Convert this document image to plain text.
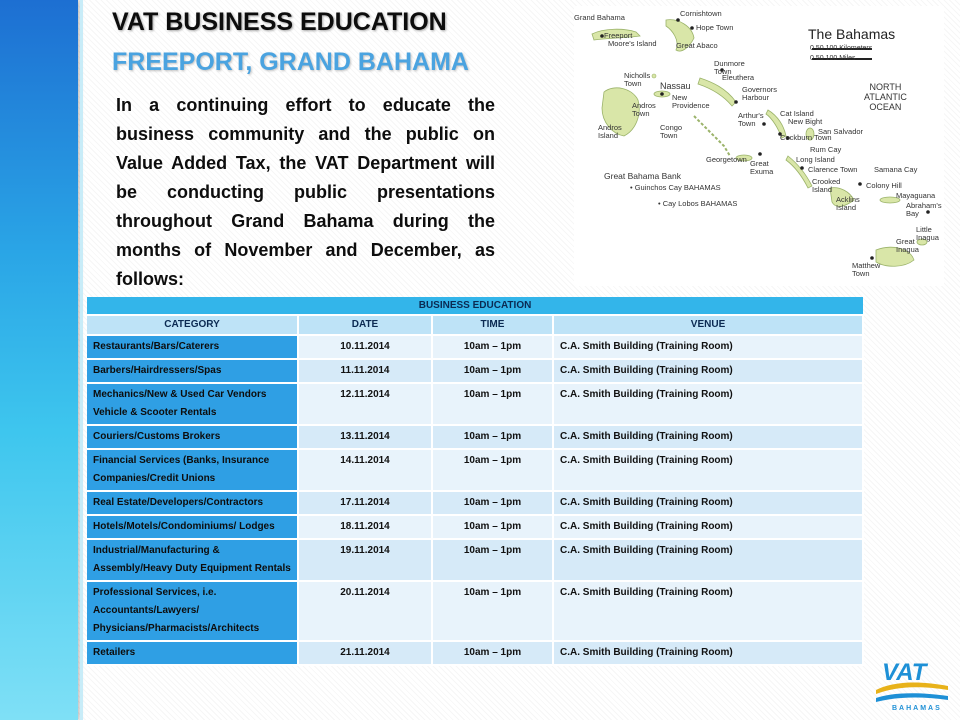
VAT BUSINESS EDUCATION
FREEPORT, GRAND BAHAMA

In a continuing effort to educate the business community and the public on Value Added Tax, the VAT Department will be conducting public presentations throughout Grand Bahama during the months of November and December, as follows:

The Bahamas
0 50 100 Kilometers
0 50 100 Miles
NORTH
ATLANTIC
OCEAN
Grand Bahama
Freeport
Moore's Island
Cornishtown
Hope Town
Great Abaco
Dunmore
Town
Nicholls
Town	Nassau
New
Providence
Governors
Harbour
Eleuthera
Andros
Town
Andros
Island
Congo
Town
Cat Island
Arthur's
Town	New Bight
Cockburn Town
San Salvador
Georgetown Great
Exuma
Rum Cay
Long Island
Clarence Town Samana Cay
Great Bahama Bank
• Guinchos Cay BAHAMAS
Crooked
Island	Colony Hill
• Cay Lobos BAHAMAS	Acklins
Island
Mayaguana
Abraham's
Bay
Little
Inagua
Great
Inagua
Matthew
Town
BUSINESS EDUCATION			
CATEGORY	DATE	TIME	VENUE
Restaurants/Bars/Caterers	10.11.2014	10am – 1pm	C.A. Smith Building (Training Room)
Barbers/Hairdressers/Spas	11.11.2014	10am – 1pm	C.A. Smith Building (Training Room)
Mechanics/New & Used Car Vendors
Vehicle & Scooter Rentals	12.11.2014	10am – 1pm	C.A. Smith Building (Training Room)
Couriers/Customs Brokers	13.11.2014	10am – 1pm	C.A. Smith Building (Training Room)
Financial Services (Banks, Insurance Companies/Credit Unions	14.11.2014	10am – 1pm	C.A. Smith Building (Training Room)
Real Estate/Developers/Contractors	17.11.2014	10am – 1pm	C.A. Smith Building (Training Room)
Hotels/Motels/Condominiums/ Lodges	18.11.2014	10am – 1pm	C.A. Smith Building (Training Room)
Industrial/Manufacturing & Assembly/Heavy Duty Equipment Rentals	19.11.2014	10am – 1pm	C.A. Smith Building (Training Room)
Professional Services, i.e. Accountants/Lawyers/ Physicians/Pharmacists/Architects	20.11.2014	10am – 1pm	C.A. Smith Building (Training Room)
Retailers	21.11.2014	10am – 1pm	C.A. Smith Building (Training Room)
VAT
BAHAMAS
